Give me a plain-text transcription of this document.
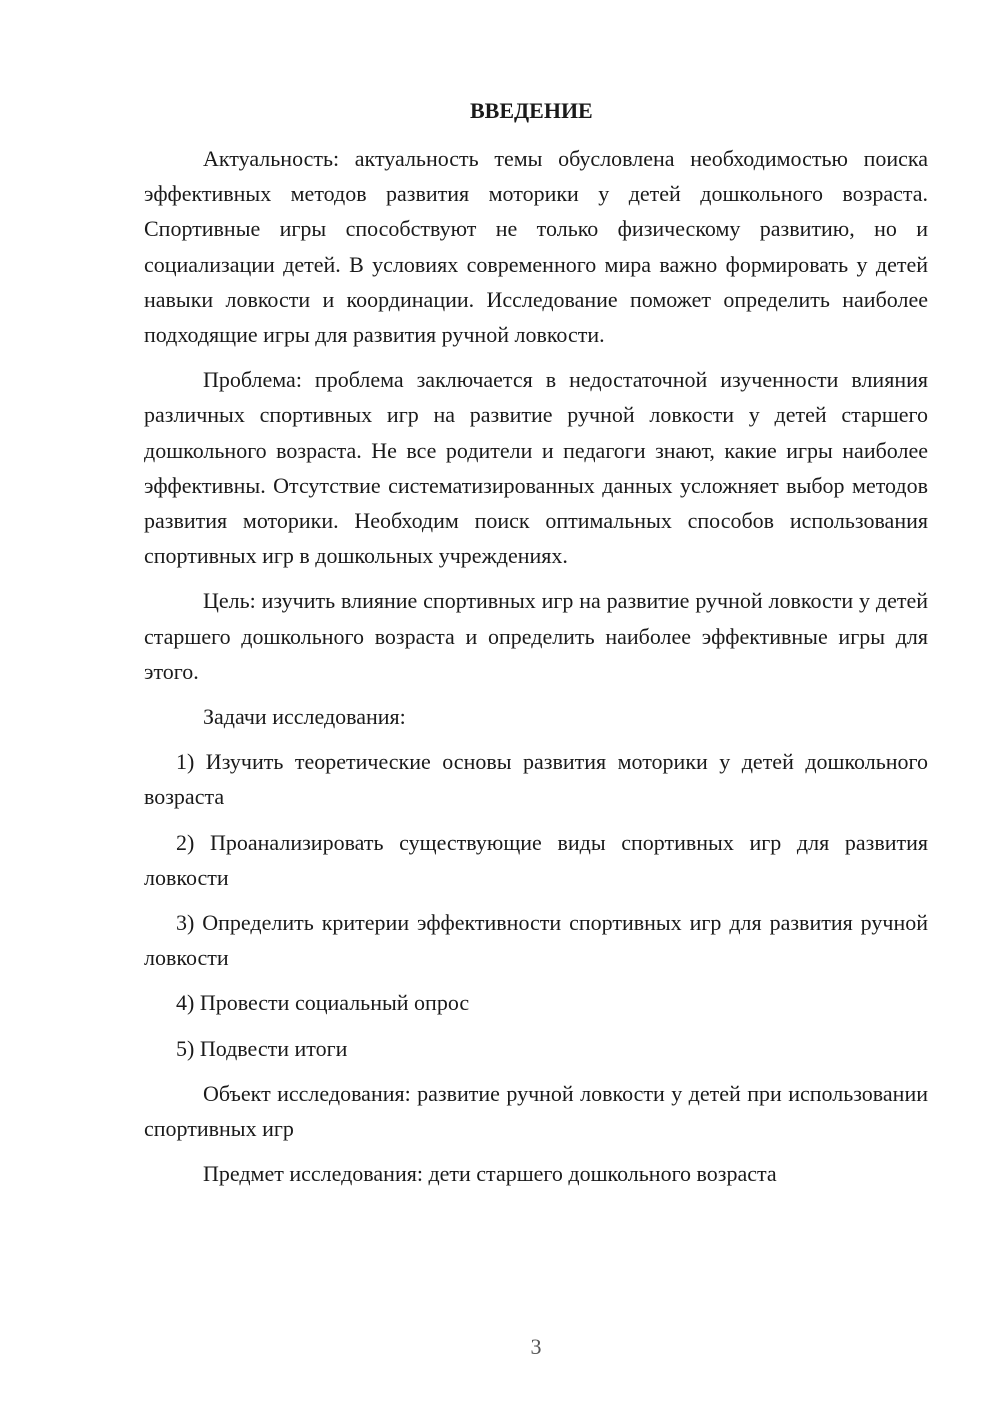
ВВЕДЕНИЕ

Актуальность: актуальность темы обусловлена необходимостью поиска эффективных методов развития моторики у детей дошкольного возраста. Спортивные игры способствуют не только физическому развитию, но и социализации детей. В условиях современного мира важно формировать у детей навыки ловкости и координации. Исследование поможет определить наиболее подходящие игры для развития ручной ловкости.

Проблема: проблема заключается в недостаточной изученности влияния различных спортивных игр на развитие ручной ловкости у детей старшего дошкольного возраста. Не все родители и педагоги знают, какие игры наиболее эффективны. Отсутствие систематизированных данных усложняет выбор методов развития моторики. Необходим поиск оптимальных способов использования спортивных игр в дошкольных учреждениях.

Цель: изучить влияние спортивных игр на развитие ручной ловкости у детей старшего дошкольного возраста и определить наиболее эффективные игры для этого.

Задачи исследования:

1) Изучить теоретические основы развития моторики у детей дошкольного возраста

2) Проанализировать существующие виды спортивных игр для развития ловкости

3) Определить критерии эффективности спортивных игр для развития ручной ловкости

4) Провести социальный опрос

5) Подвести итоги

Объект исследования: развитие ручной ловкости у детей при использовании спортивных игр

Предмет исследования: дети старшего дошкольного возраста

3
